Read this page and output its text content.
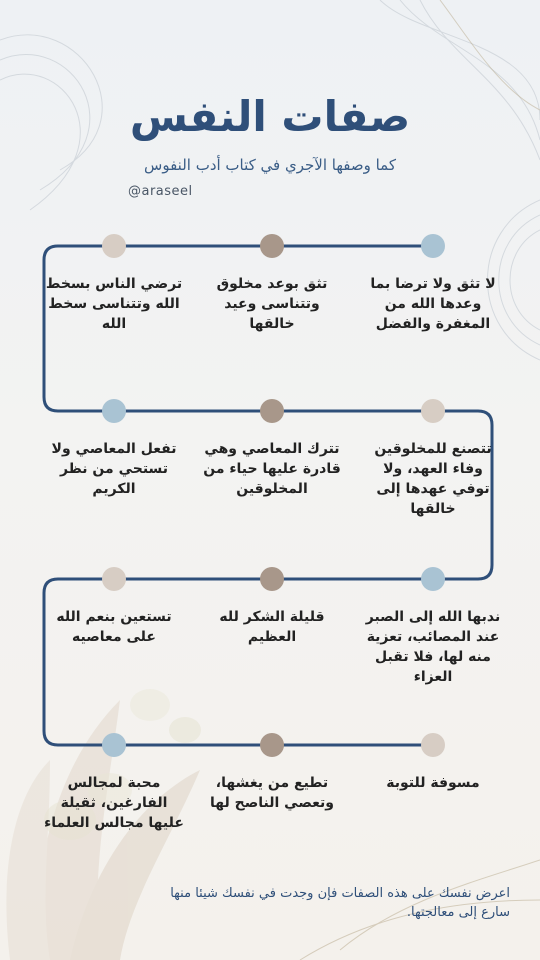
صفات النفس
كما وصفها الآجري في كتاب أدب النفوس
@araseel
لا تثق ولا ترضا بما وعدها الله من المغفرة والفضل
تثق بوعد مخلوق وتتناسى وعيد خالقها
ترضي الناس بسخط الله وتتناسى سخط الله
تتصنع للمخلوقين وفاء العهد، ولا توفي عهدها إلى خالقها
تترك المعاصي وهي قادرة عليها حياء من المخلوقين
تفعل المعاصي ولا تستحي من نظر الكريم
ندبها الله إلى الصبر عند المصائب، تعزية منه لها، فلا تقبل العزاء
قليلة الشكر لله العظيم
تستعين بنعم الله على معاصيه
مسوفة للتوبة
تطيع من يغشها، وتعصي الناصح لها
محبة لمجالس الفارغين، ثقيلة عليها مجالس العلماء
اعرض نفسك على هذه الصفات فإن وجدت في نفسك شيئا منها سارع إلى معالجتها.
